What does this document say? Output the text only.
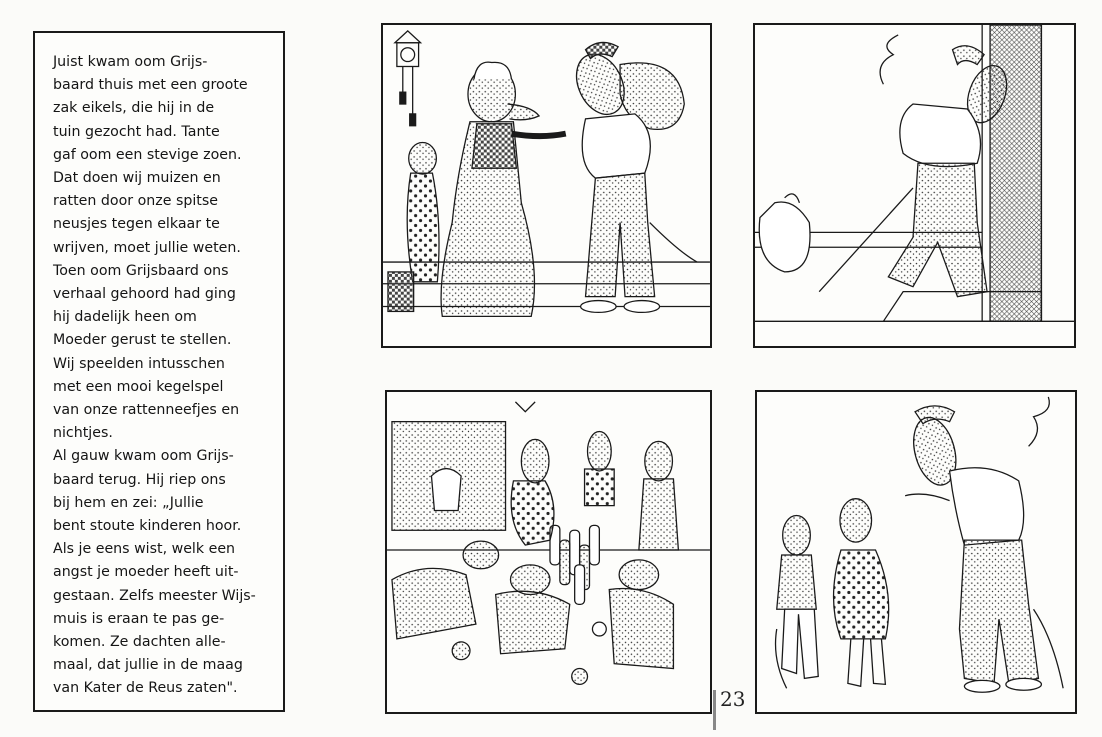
Juist kwam oom Grijs-

baard thuis met een groote

zak eikels, die hij in de

tuin gezocht had. Tante

gaf oom een stevige zoen.

Dat doen wij muizen en

ratten door onze spitse

neusjes tegen elkaar te

wrijven, moet jullie weten.

Toen oom Grijsbaard ons

verhaal gehoord had ging

hij dadelijk heen om

Moeder gerust te stellen.

Wij speelden intusschen

met een mooi kegelspel

van onze rattenneefjes en

nichtjes.

Al gauw kwam oom Grijs-

baard terug. Hij riep ons

bij hem en zei: „Jullie

bent stoute kinderen hoor.

Als je eens wist, welk een

angst je moeder heeft uit-

gestaan. Zelfs meester Wijs-

muis is eraan te pas ge-

komen. Ze dachten alle-

maal, dat jullie in de maag

van Kater de Reus zaten".	23
